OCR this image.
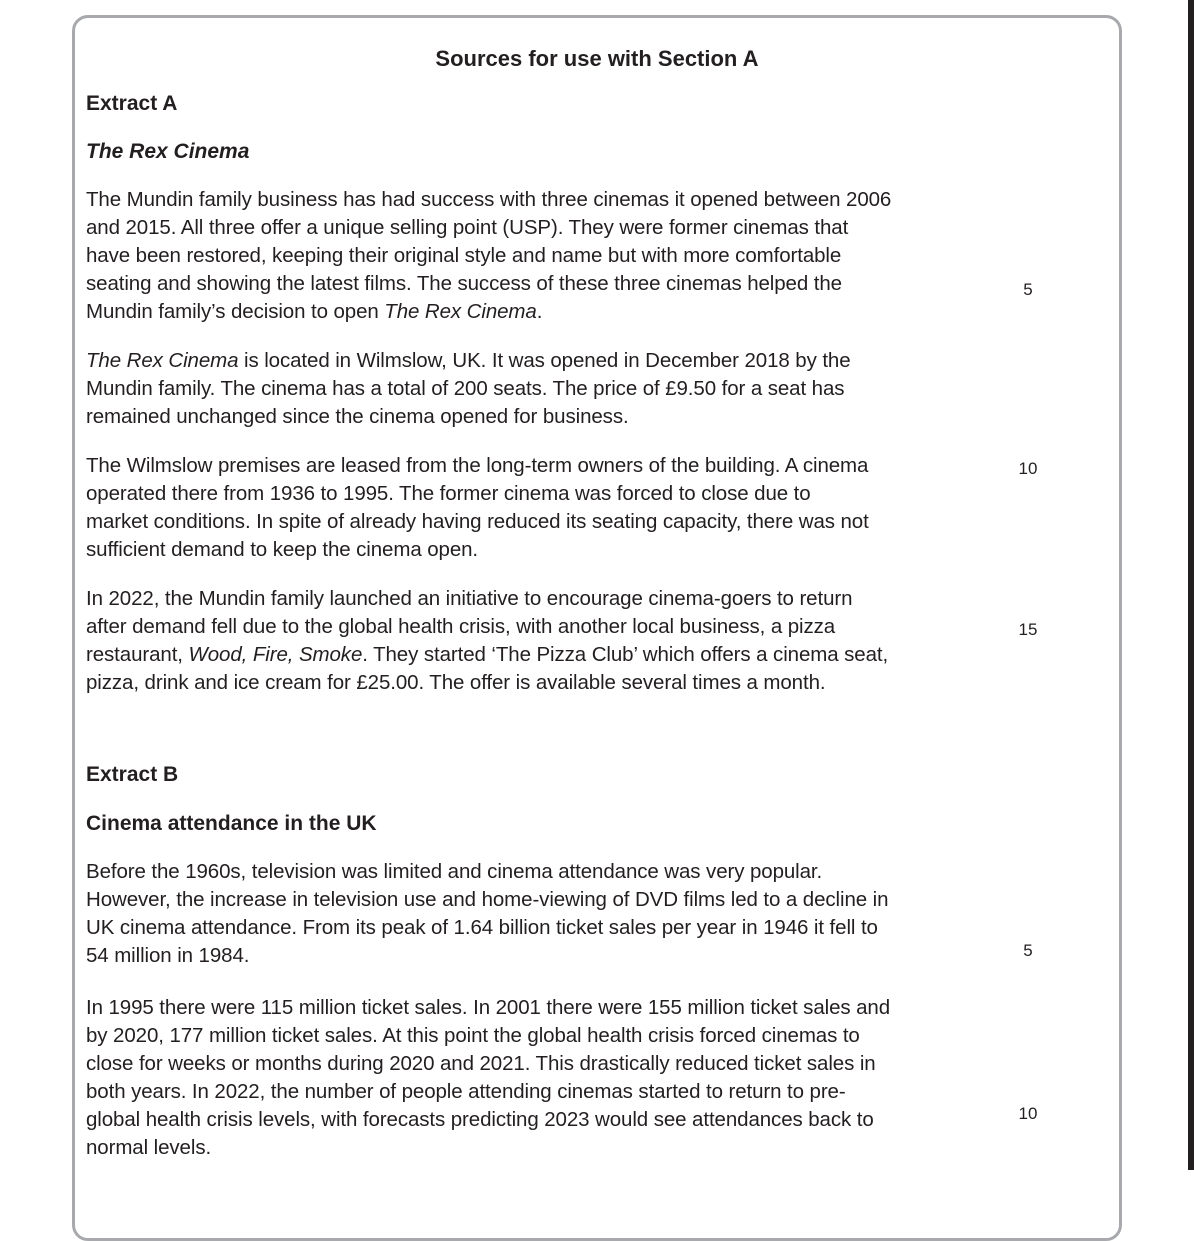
Sources for use with Section A
Extract A
The Rex Cinema
The Mundin family business has had success with three cinemas it opened between 2006
and 2015. All three offer a unique selling point (USP). They were former cinemas that
have been restored, keeping their original style and name but with more comfortable
seating and showing the latest films. The success of these three cinemas helped the
Mundin family’s decision to open The Rex Cinema.
The Rex Cinema is located in Wilmslow, UK. It was opened in December 2018 by the
Mundin family. The cinema has a total of 200 seats. The price of £9.50 for a seat has
remained unchanged since the cinema opened for business.
The Wilmslow premises are leased from the long-term owners of the building. A cinema
operated there from 1936 to 1995. The former cinema was forced to close due to
market conditions. In spite of already having reduced its seating capacity, there was not
sufficient demand to keep the cinema open.
In 2022, the Mundin family launched an initiative to encourage cinema-goers to return
after demand fell due to the global health crisis, with another local business, a pizza
restaurant, Wood, Fire, Smoke. They started ‘The Pizza Club’ which offers a cinema seat,
pizza, drink and ice cream for £25.00. The offer is available several times a month.
Extract B
Cinema attendance in the UK
Before the 1960s, television was limited and cinema attendance was very popular.
However, the increase in television use and home-viewing of DVD films led to a decline in
UK cinema attendance. From its peak of 1.64 billion ticket sales per year in 1946 it fell to
54 million in 1984.
In 1995 there were 115 million ticket sales. In 2001 there were 155 million ticket sales and
by 2020, 177 million ticket sales. At this point the global health crisis forced cinemas to
close for weeks or months during 2020 and 2021. This drastically reduced ticket sales in
both years. In 2022, the number of people attending cinemas started to return to pre-
global health crisis levels, with forecasts predicting 2023 would see attendances back to
normal levels.
5
10
15
5
10
